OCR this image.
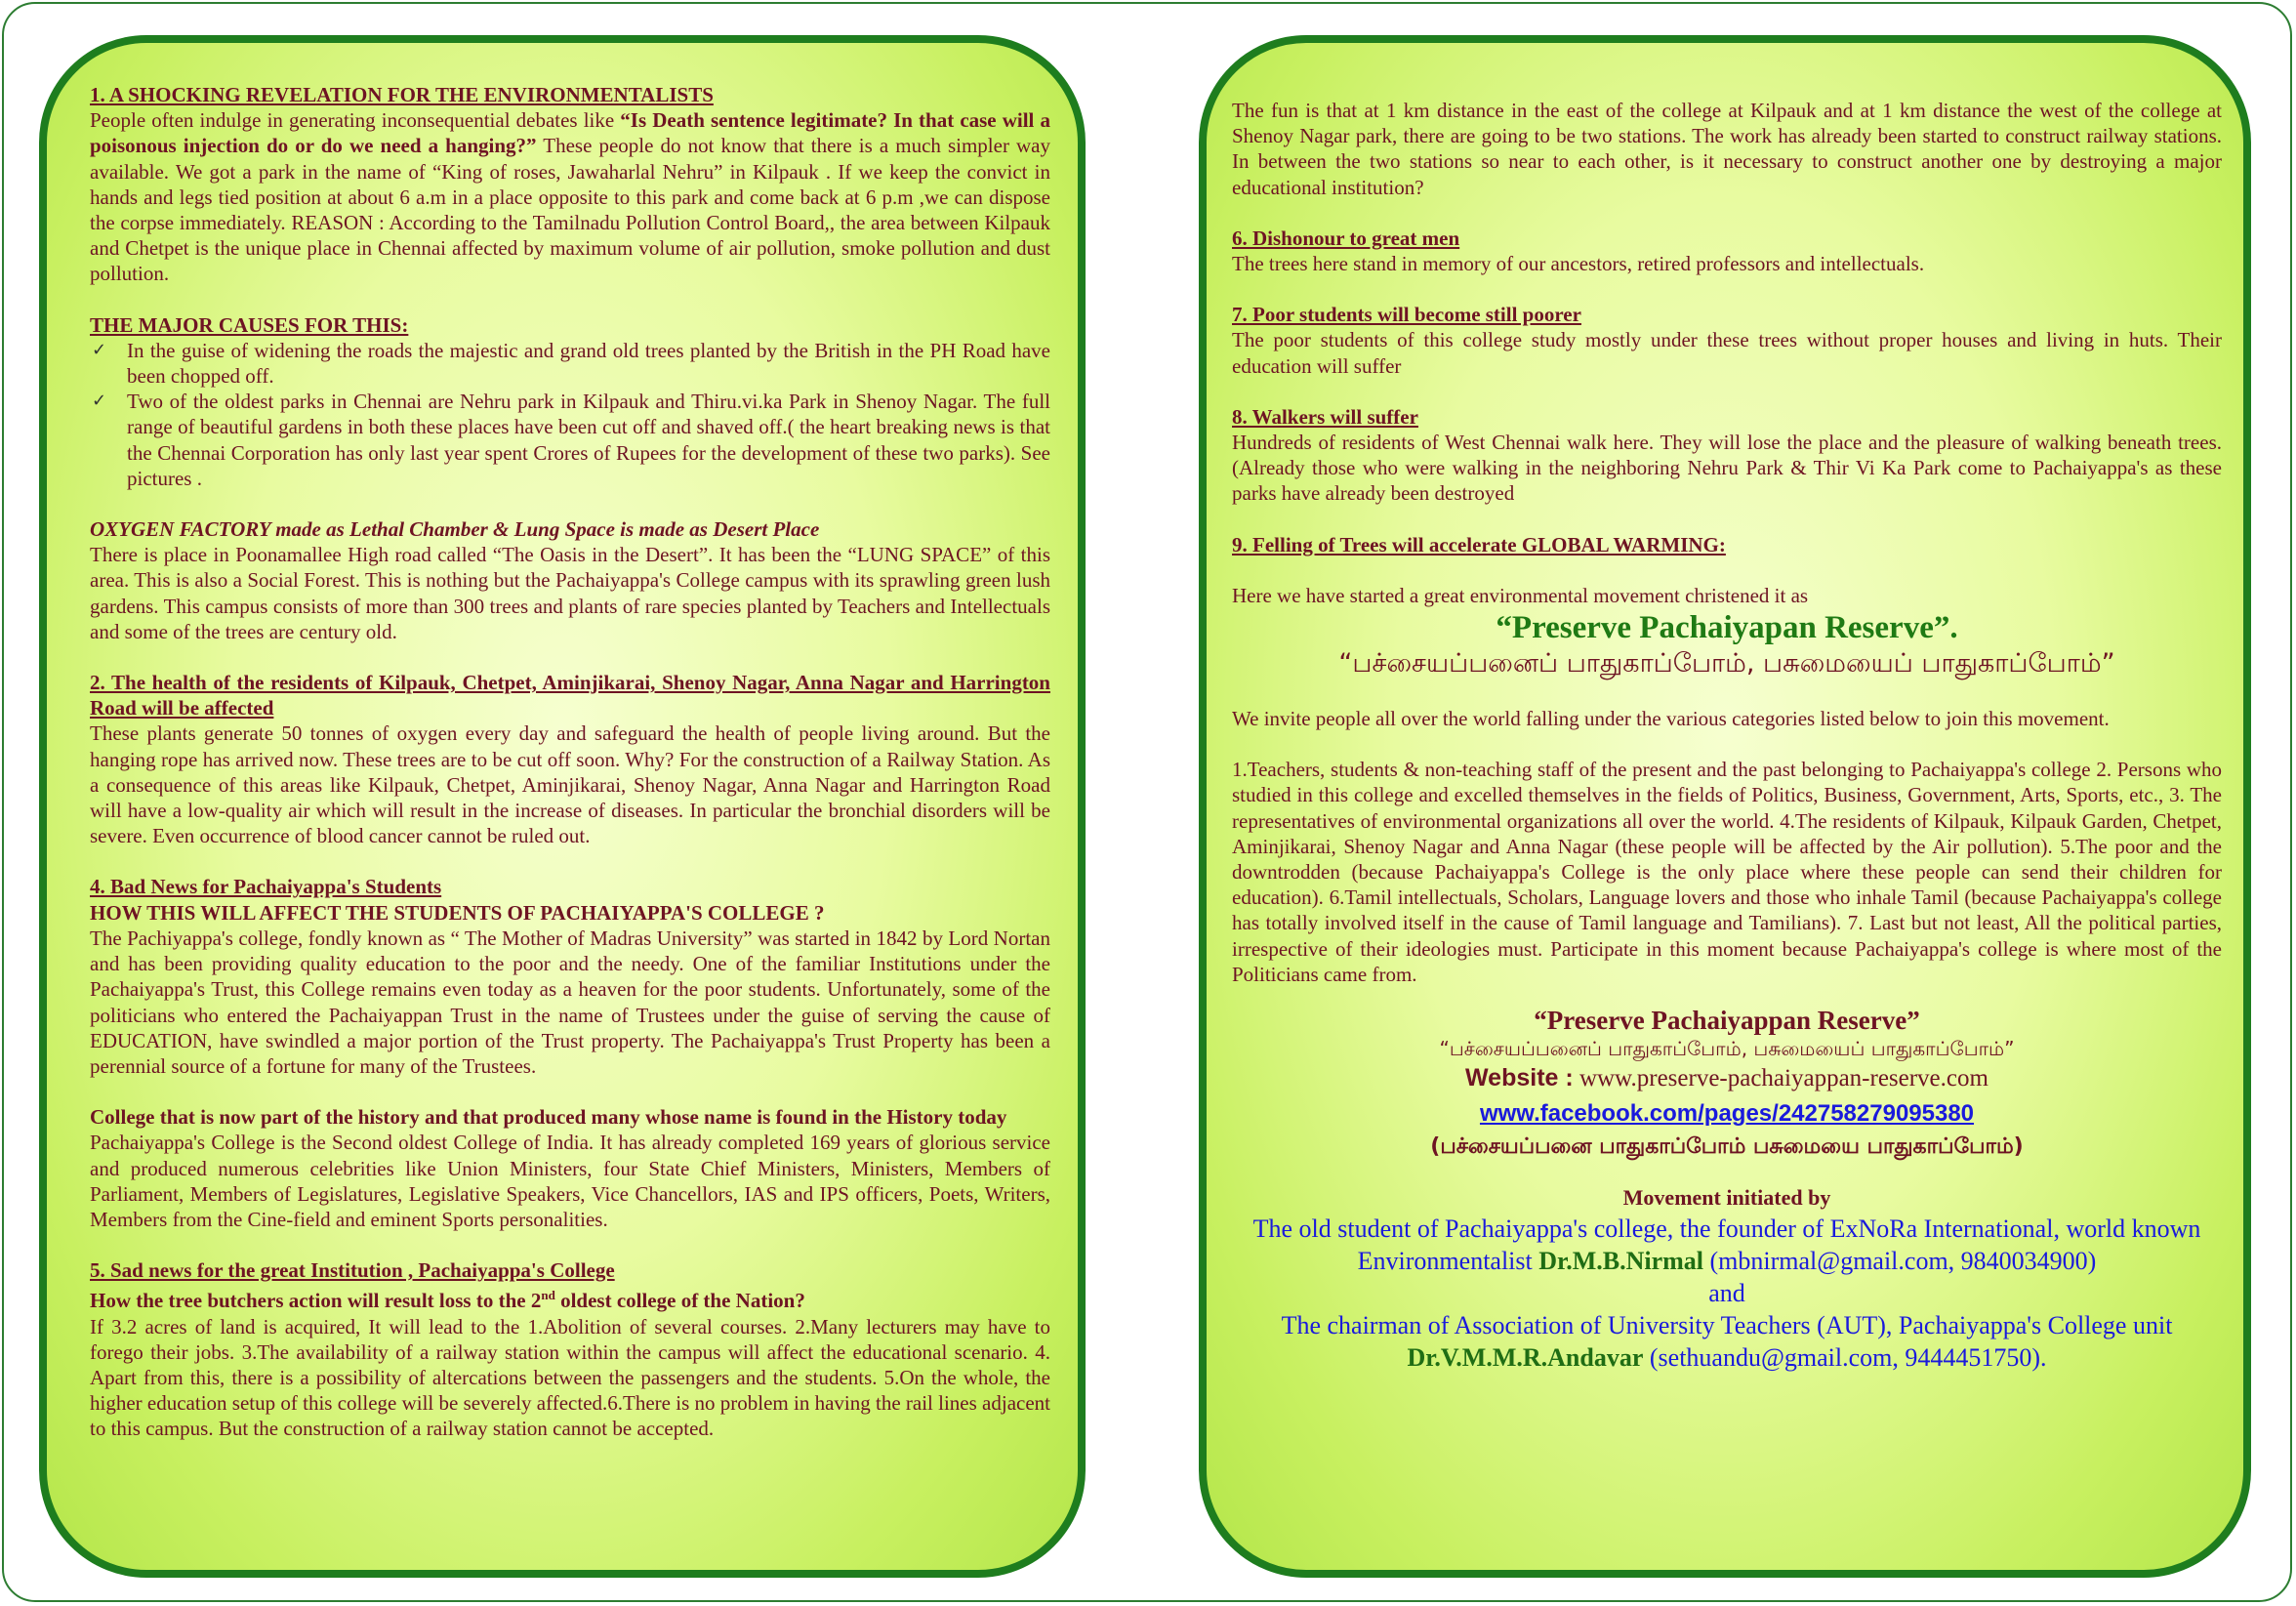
1. A SHOCKING REVELATION FOR THE ENVIRONMENTALISTS

People often indulge in generating inconsequential debates like “Is Death sentence legitimate? In that case will a poisonous injection do or do we need a hanging?” These people do not know that there is a much simpler way available. We got a park in the name of “King of roses, Jawaharlal Nehru” in Kilpauk . If we keep the convict in hands and legs tied position at about 6 a.m in a place opposite to this park and come back at 6 p.m ,we can dispose the corpse immediately. REASON : According to the Tamilnadu Pollution Control Board,, the area between Kilpauk and Chetpet is the unique place in Chennai affected by maximum volume of air pollution, smoke pollution and dust pollution.

THE MAJOR CAUSES FOR THIS:

✓ In the guise of widening the roads the majestic and grand old trees planted by the British in the PH Road have been chopped off.
✓ Two of the oldest parks in Chennai are Nehru park in Kilpauk and Thiru.vi.ka Park in Shenoy Nagar. The full range of beautiful gardens in both these places have been cut off and shaved off.( the heart breaking news is that the Chennai Corporation has only last year spent Crores of Rupees for the development of these two parks). See pictures .

OXYGEN FACTORY made as Lethal Chamber & Lung Space is made as Desert Place

There is place in Poonamallee High road called “The Oasis in the Desert”. It has been the “LUNG SPACE” of this area. This is also a Social Forest. This is nothing but the Pachaiyappa's College campus with its sprawling green lush gardens. This campus consists of more than 300 trees and plants of rare species planted by Teachers and Intellectuals and some of the trees are century old.

2. The health of the residents of Kilpauk, Chetpet, Aminjikarai, Shenoy Nagar, Anna Nagar and Harrington Road will be affected

These plants generate 50 tonnes of oxygen every day and safeguard the health of people living around. But the hanging rope has arrived now. These trees are to be cut off soon. Why? For the construction of a Railway Station. As a consequence of this areas like Kilpauk, Chetpet, Aminjikarai, Shenoy Nagar, Anna Nagar and Harrington Road will have a low-quality air which will result in the increase of diseases. In particular the bronchial disorders will be severe. Even occurrence of blood cancer cannot be ruled out.

4. Bad News for Pachaiyappa's Students

HOW THIS WILL AFFECT THE STUDENTS OF PACHAIYAPPA'S COLLEGE ?

The Pachiyappa's college, fondly known as “ The Mother of Madras University” was started in 1842 by Lord Nortan and has been providing quality education to the poor and the needy. One of the familiar Institutions under the Pachaiyappa's Trust, this College remains even today as a heaven for the poor students. Unfortunately, some of the politicians who entered the Pachaiyappan Trust in the name of Trustees under the guise of serving the cause of EDUCATION, have swindled a major portion of the Trust property. The Pachaiyappa's Trust Property has been a perennial source of a fortune for many of the Trustees.

College that is now part of the history and that produced many whose name is found in the History today

Pachaiyappa's College is the Second oldest College of India. It has already completed 169 years of glorious service and produced numerous celebrities like Union Ministers, four State Chief Ministers, Ministers, Members of Parliament, Members of Legislatures, Legislative Speakers, Vice Chancellors, IAS and IPS officers, Poets, Writers, Members from the Cine-field and eminent Sports personalities.

5. Sad news for the great Institution , Pachaiyappa's College

How the tree butchers action will result loss to the 2nd oldest college of the Nation?

If 3.2 acres of land is acquired, It will lead to the 1.Abolition of several courses. 2.Many lecturers may have to forego their jobs. 3.The availability of a railway station within the campus will affect the educational scenario. 4. Apart from this, there is a possibility of altercations between the passengers and the students. 5.On the whole, the higher education setup of this college will be severely affected.6.There is no problem in having the rail lines adjacent to this campus. But the construction of a railway station cannot be accepted.

The fun is that at 1 km distance in the east of the college at Kilpauk and at 1 km distance the west of the college at Shenoy Nagar park, there are going to be two stations. The work has already been started to construct railway stations. In between the two stations so near to each other, is it necessary to construct another one by destroying a major educational institution?

6. Dishonour to great men

The trees here stand in memory of our ancestors, retired professors and intellectuals.

7. Poor students will become still poorer

The poor students of this college study mostly under these trees without proper houses and living in huts. Their education will suffer

8. Walkers will suffer

Hundreds of residents of West Chennai walk here. They will lose the place and the pleasure of walking beneath trees. (Already those who were walking in the neighboring Nehru Park & Thir Vi Ka Park come to Pachaiyappa's as these parks have already been destroyed

9. Felling of Trees will accelerate GLOBAL WARMING:

Here we have started a great environmental movement christened it as

“Preserve Pachaiyapan Reserve”.

“பச்சையப்பனைப் பாதுகாப்போம், பசுமையைப் பாதுகாப்போம்”

We invite people all over the world falling under the various categories listed below to join this movement.

1.Teachers, students & non-teaching staff of the present and the past belonging to Pachaiyappa's college 2. Persons who studied in this college and excelled themselves in the fields of Politics, Business, Government, Arts, Sports, etc., 3. The representatives of environmental organizations all over the world. 4.The residents of Kilpauk, Kilpauk Garden, Chetpet, Aminjikarai, Shenoy Nagar and Anna Nagar (these people will be affected by the Air pollution). 5.The poor and the downtrodden (because Pachaiyappa's College is the only place where these people can send their children for education). 6.Tamil intellectuals, Scholars, Language lovers and those who inhale Tamil (because Pachaiyappa's college has totally involved itself in the cause of Tamil language and Tamilians). 7. Last but not least, All the political parties, irrespective of their ideologies must. Participate in this moment because Pachaiyappa's college is where most of the Politicians came from.

“Preserve Pachaiyappan Reserve”

“பச்சையப்பனைப் பாதுகாப்போம், பசுமையைப் பாதுகாப்போம்”

Website : www.preserve-pachaiyappan-reserve.com

www.facebook.com/pages/242758279095380

(பச்சையப்பனை பாதுகாப்போம் பசுமையை பாதுகாப்போம்)

Movement initiated by

The old student of Pachaiyappa's college, the founder of ExNoRa International, world known Environmentalist Dr.M.B.Nirmal (mbnirmal@gmail.com, 9840034900)

and

The chairman of Association of University Teachers (AUT), Pachaiyappa's College unit Dr.V.M.M.R.Andavar (sethuandu@gmail.com, 9444451750).
